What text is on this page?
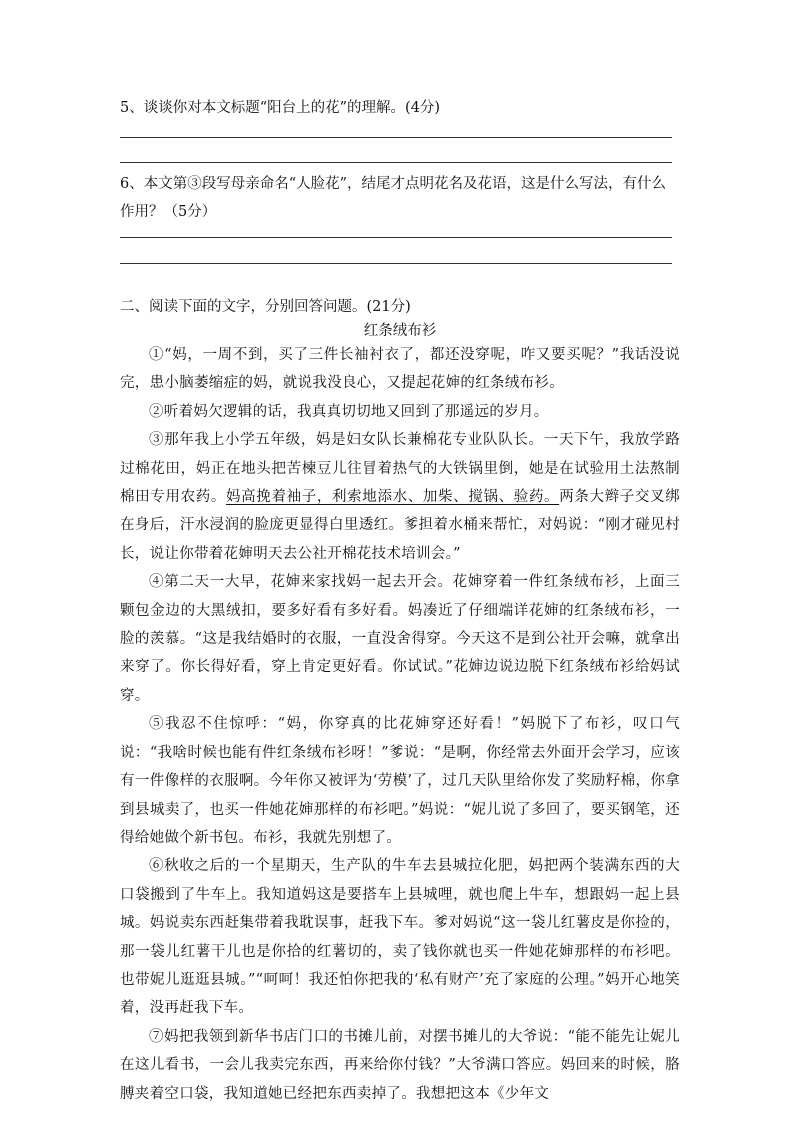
5、谈谈你对本文标题“阳台上的花”的理解。(4分)

6、本文第③段写母亲命名“人脸花”，结尾才点明花名及花语，这是什么写法，有什么作用？（5分）

二、阅读下面的文字，分别回答问题。(21分)

红条绒布衫

①“妈，一周不到，买了三件长袖衬衣了，都还没穿呢，咋又要买呢？”我话没说完，患小脑萎缩症的妈，就说我没良心，又提起花婶的红条绒布衫。

②听着妈欠逻辑的话，我真真切切地又回到了那遥远的岁月。

③那年我上小学五年级，妈是妇女队长兼棉花专业队队长。一天下午，我放学路过棉花田，妈正在地头把苦楝豆儿往冒着热气的大铁锅里倒，她是在试验用土法熬制棉田专用农药。妈高挽着袖子，利索地添水、加柴、搅锅、验药。两条大辫子交叉绑在身后，汗水浸润的脸庞更显得白里透红。爹担着水桶来帮忙，对妈说：“刚才碰见村长，说让你带着花婶明天去公社开棉花技术培训会。”

④第二天一大早，花婶来家找妈一起去开会。花婶穿着一件红条绒布衫，上面三颗包金边的大黑绒扣，要多好看有多好看。妈凑近了仔细端详花婶的红条绒布衫，一脸的羡慕。“这是我结婚时的衣服，一直没舍得穿。今天这不是到公社开会嘛，就拿出来穿了。你长得好看，穿上肯定更好看。你试试。”花婶边说边脱下红条绒布衫给妈试穿。

⑤我忍不住惊呼：“妈，你穿真的比花婶穿还好看！”妈脱下了布衫，叹口气说：“我啥时候也能有件红条绒布衫呀！”爹说：“是啊，你经常去外面开会学习，应该有一件像样的衣服啊。今年你又被评为‘劳模’了，过几天队里给你发了奖励籽棉，你拿到县城卖了，也买一件她花婶那样的布衫吧。”妈说：“妮儿说了多回了，要买钢笔，还得给她做个新书包。布衫，我就先别想了。

⑥秋收之后的一个星期天，生产队的牛车去县城拉化肥，妈把两个装满东西的大口袋搬到了牛车上。我知道妈这是要搭车上县城哩，就也爬上牛车，想跟妈一起上县城。妈说卖东西赶集带着我耽误事，赶我下车。爹对妈说“这一袋儿红薯皮是你捡的，那一袋儿红薯干儿也是你拾的红薯切的，卖了钱你就也买一件她花婶那样的布衫吧。也带妮儿逛逛县城。”“呵呵！我还怕你把我的‘私有财产’充了家庭的公理。”妈开心地笑着，没再赶我下车。

⑦妈把我领到新华书店门口的书摊儿前，对摆书摊儿的大爷说：“能不能先让妮儿在这儿看书，一会儿我卖完东西，再来给你付钱？”大爷满口答应。妈回来的时候，胳膊夹着空口袋，我知道她已经把东西卖掉了。我想把这本《少年文
